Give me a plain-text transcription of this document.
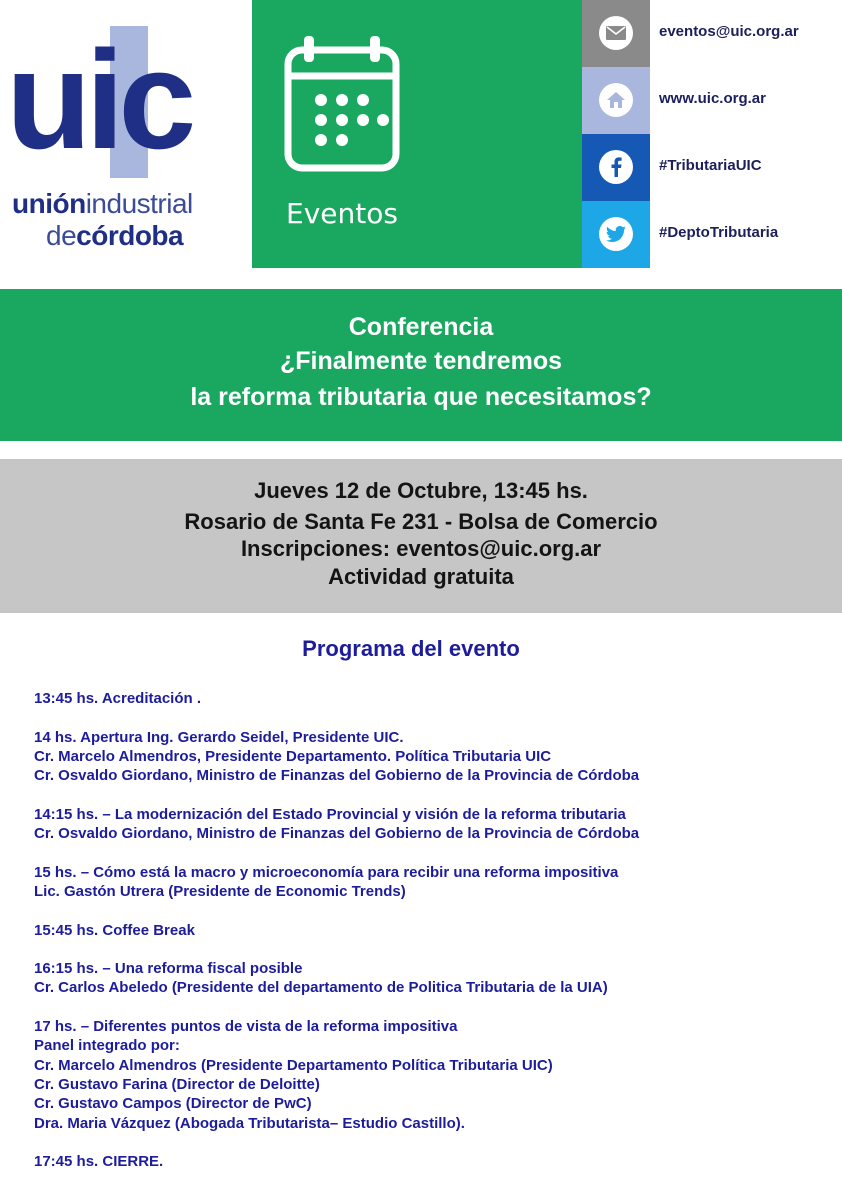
uic
uniónindustrial
decórdoba
Eventos
eventos@uic.org.ar
www.uic.org.ar
#TributariaUIC
#DeptoTributaria
Conferencia
¿Finalmente tendremos
la reforma tributaria que necesitamos?
Jueves 12 de Octubre, 13:45 hs.
Rosario de Santa Fe 231 - Bolsa de Comercio
Inscripciones: eventos@uic.org.ar
Actividad gratuita
Programa del evento
13:45 hs. Acreditación .
14 hs. Apertura Ing. Gerardo Seidel, Presidente UIC.
Cr. Marcelo Almendros, Presidente Departamento. Política Tributaria UIC
Cr. Osvaldo Giordano, Ministro de Finanzas del Gobierno de la Provincia de Córdoba
14:15 hs. – La modernización del Estado Provincial y visión de la reforma tributaria
Cr. Osvaldo Giordano, Ministro de Finanzas del Gobierno de la Provincia de Córdoba
15 hs. – Cómo está la macro y microeconomía para recibir una reforma impositiva
Lic. Gastón Utrera (Presidente de Economic Trends)
15:45 hs. Coffee Break
16:15 hs. – Una reforma fiscal posible
Cr. Carlos Abeledo (Presidente del departamento de Politica Tributaria de la UIA)
17 hs. – Diferentes puntos de vista de la reforma impositiva
Panel integrado por:
Cr. Marcelo Almendros (Presidente Departamento Política Tributaria UIC)
Cr. Gustavo Farina (Director de Deloitte)
Cr. Gustavo Campos (Director de PwC)
Dra. Maria Vázquez (Abogada Tributarista– Estudio Castillo).
17:45 hs. CIERRE.
